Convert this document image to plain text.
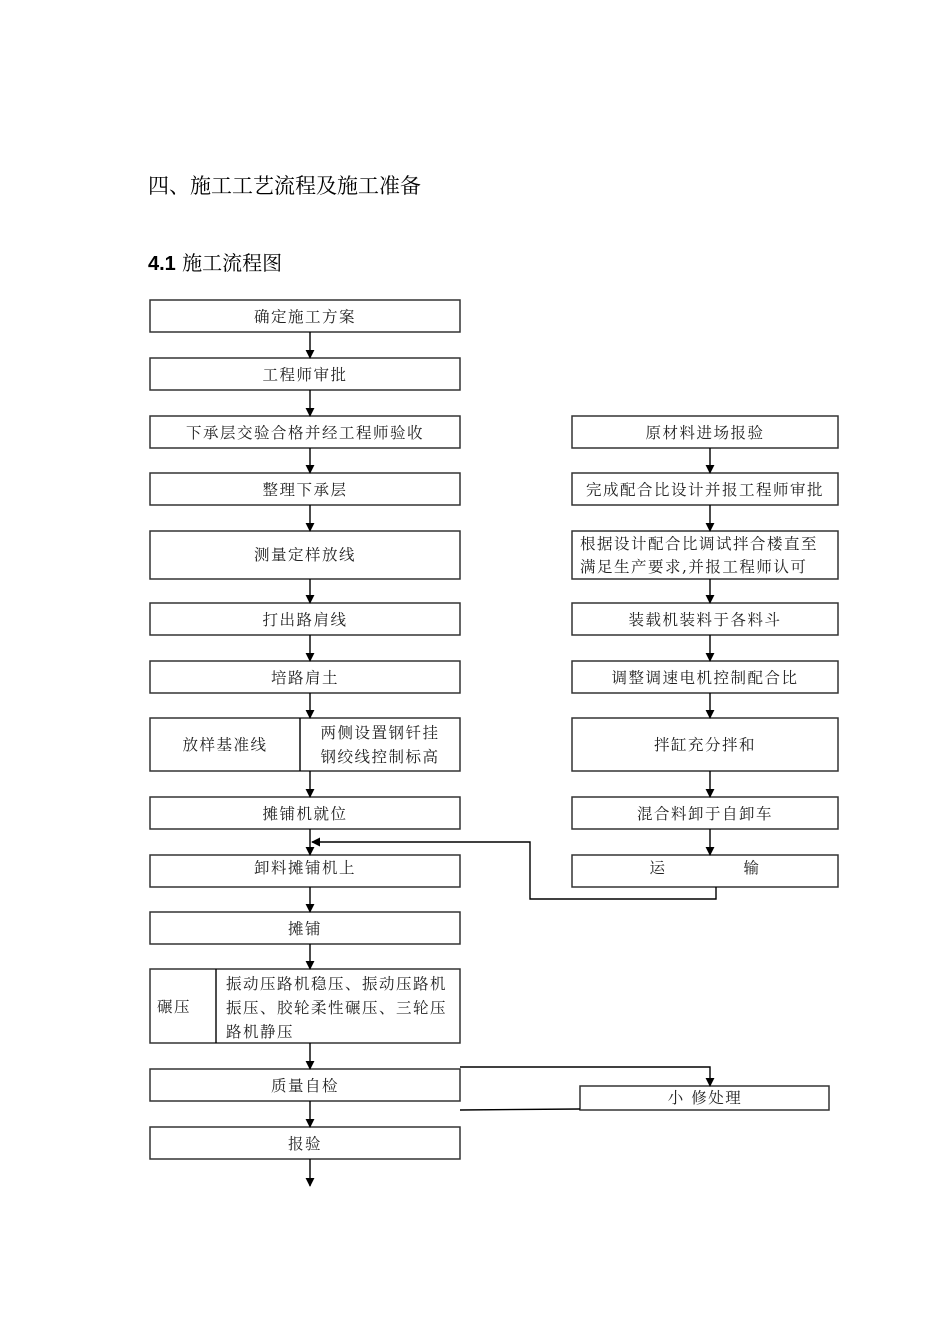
四、施工工艺流程及施工准备
4.1 施工流程图
确定施工方案
工程师审批
下承层交验合格并经工程师验收
整理下承层
测量定样放线
打出路肩线
培路肩土
放样基准线
两侧设置钢钎挂
钢绞线控制标高
摊铺机就位
卸料摊铺机上
摊铺
碾压
振动压路机稳压、振动压路机
振压、胶轮柔性碾压、三轮压
路机静压
质量自检
报验
原材料进场报验
完成配合比设计并报工程师审批
根据设计配合比调试拌合楼直至
满足生产要求,并报工程师认可
装载机装料于各料斗
调整调速电机控制配合比
拌缸充分拌和
混合料卸于自卸车
运            输
小 修处理
